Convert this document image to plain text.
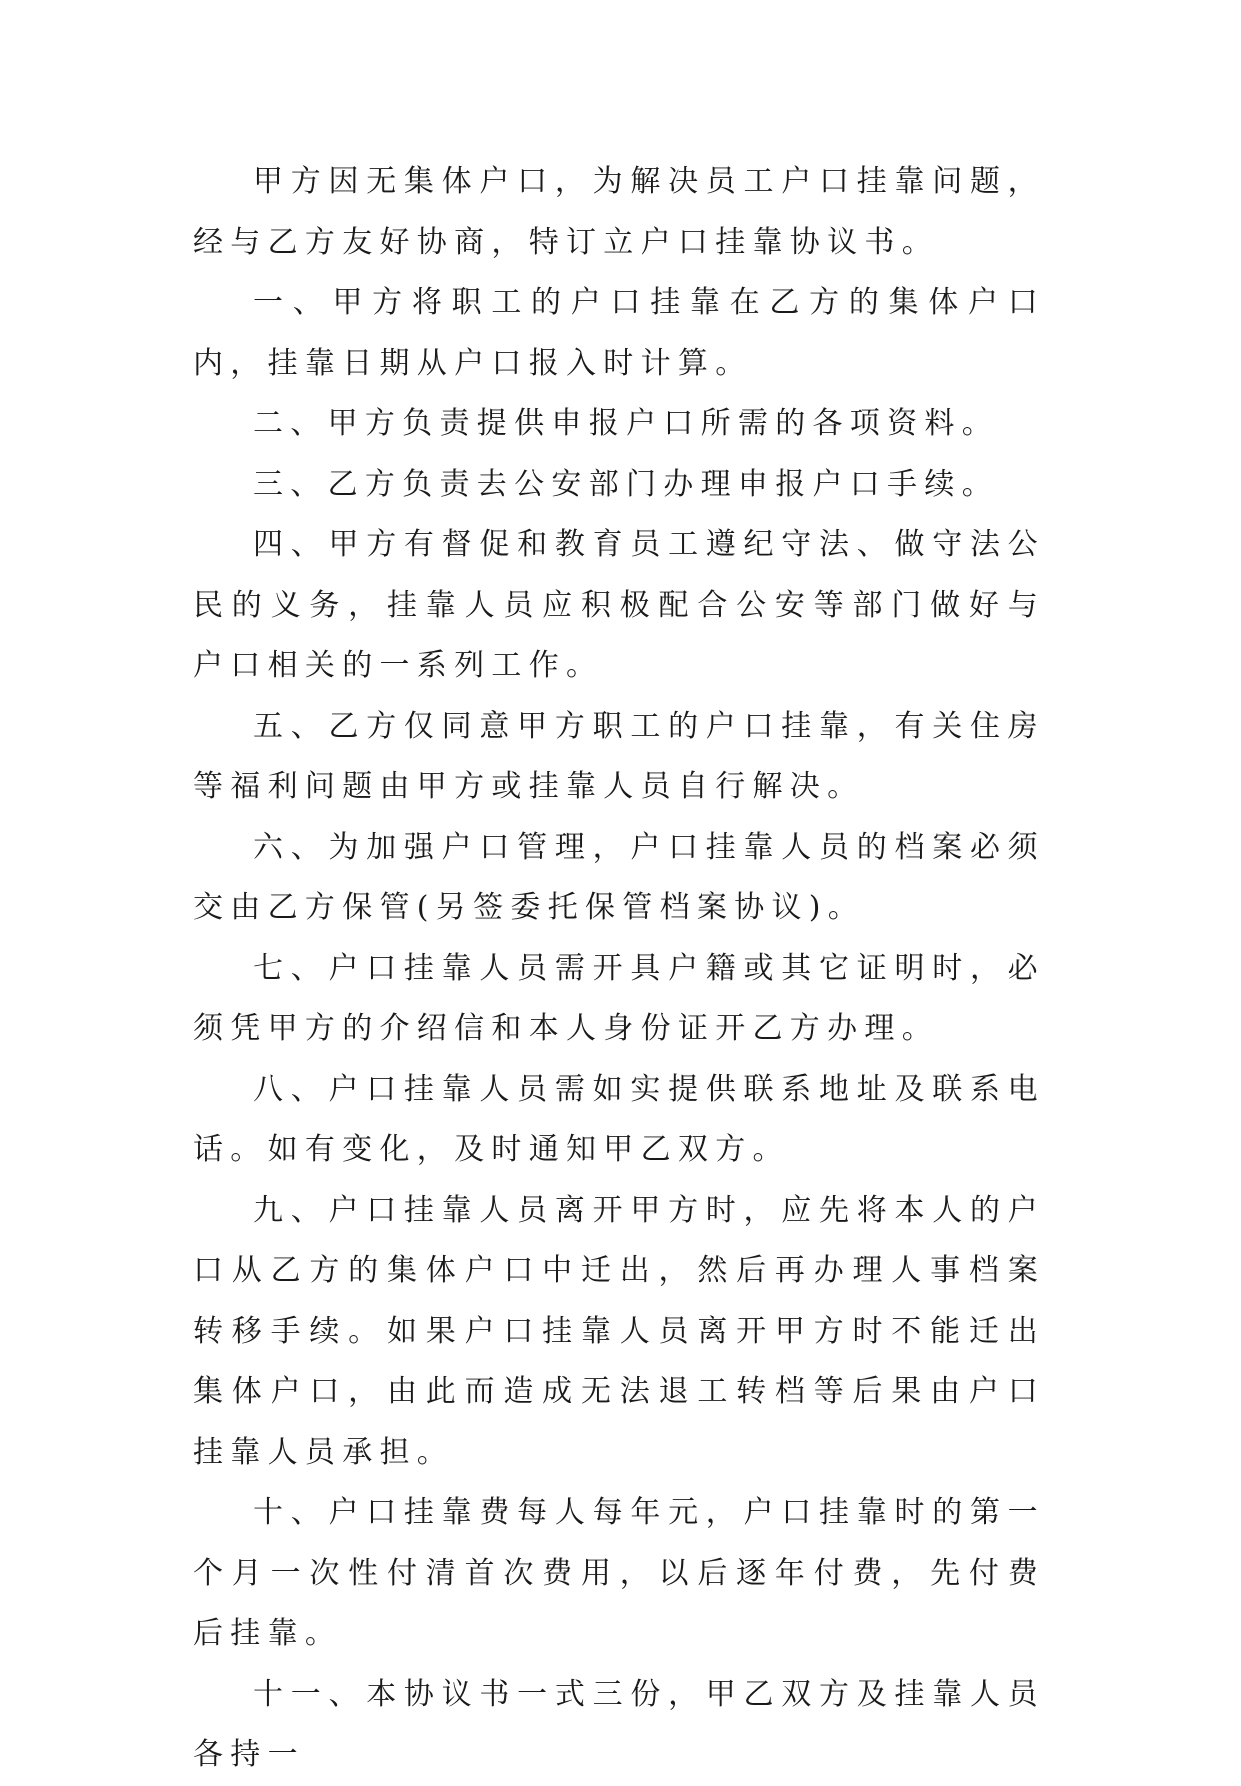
甲方因无集体户口，为解决员工户口挂靠问题，经与乙方友好协商，特订立户口挂靠协议书。

一、甲方将职工的户口挂靠在乙方的集体户口内，挂靠日期从户口报入时计算。

二、甲方负责提供申报户口所需的各项资料。

三、乙方负责去公安部门办理申报户口手续。

四、甲方有督促和教育员工遵纪守法、做守法公民的义务，挂靠人员应积极配合公安等部门做好与户口相关的一系列工作。

五、乙方仅同意甲方职工的户口挂靠，有关住房等福利问题由甲方或挂靠人员自行解决。

六、为加强户口管理，户口挂靠人员的档案必须交由乙方保管(另签委托保管档案协议)。

七、户口挂靠人员需开具户籍或其它证明时，必须凭甲方的介绍信和本人身份证开乙方办理。

八、户口挂靠人员需如实提供联系地址及联系电话。如有变化，及时通知甲乙双方。

九、户口挂靠人员离开甲方时，应先将本人的户口从乙方的集体户口中迁出，然后再办理人事档案转移手续。如果户口挂靠人员离开甲方时不能迁出集体户口，由此而造成无法退工转档等后果由户口挂靠人员承担。

十、户口挂靠费每人每年元，户口挂靠时的第一个月一次性付清首次费用，以后逐年付费，先付费后挂靠。

十一、本协议书一式三份，甲乙双方及挂靠人员各持一
